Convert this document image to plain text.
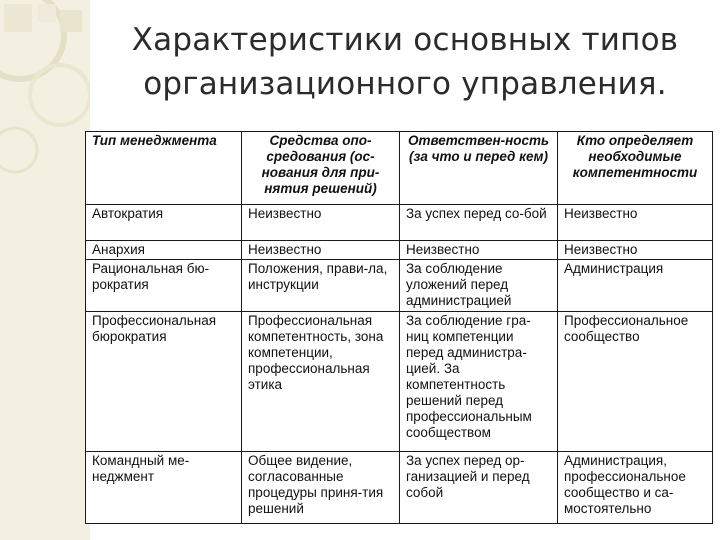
Характеристики основных типов
организационного управления.
Тип менеджмента	Средства опо-средования (ос-нования для при-нятия решений)	Ответствен-ность (за что и перед кем)	Кто определяет необходимые компетентности
Автократия	Неизвестно	За успех перед со-бой	Неизвестно
Анархия	Неизвестно	Неизвестно	Неизвестно
Рациональная бю-рократия	Положения, прави-ла, инструкции	За соблюдение уложений перед администрацией	Администрация
Профессиональная бюрократия	Профессиональная компетентность, зона компетенции, профессиональная этика	За соблюдение гра-ниц компетенции перед администра-цией. За компетентность решений перед профессиональным сообществом	Профессиональное сообщество
Командный ме-неджмент	Общее видение, согласованные процедуры приня-тия решений	За успех перед ор-ганизацией и перед собой	Администрация, профессиональное сообщество и са-мостоятельно
